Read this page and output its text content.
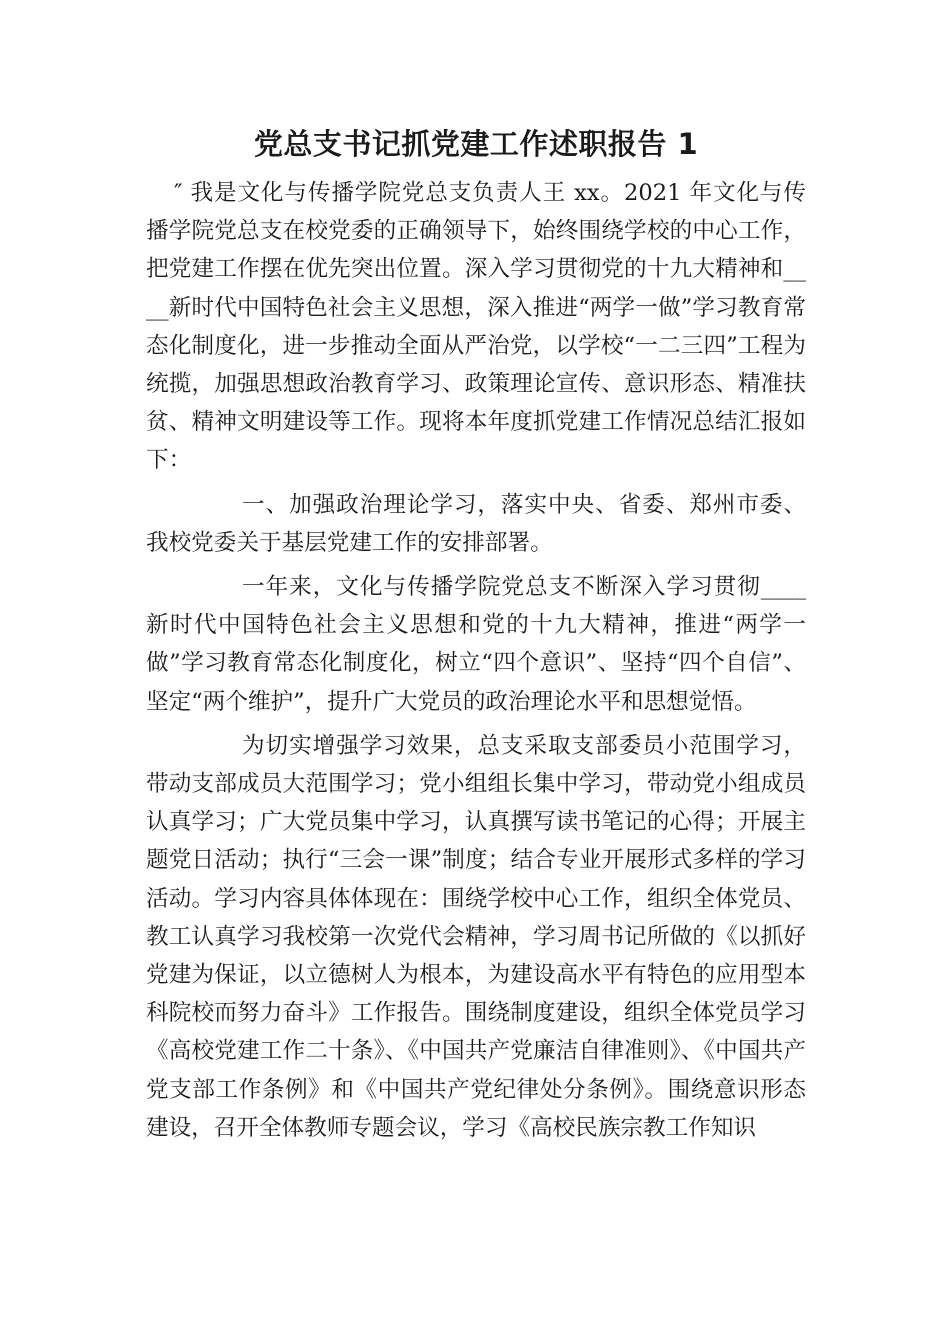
党总支书记抓党建工作述职报告 1

″ 我是文化与传播学院党总支负责人王 xx。2021 年文化与传播学院党总支在校党委的正确领导下，始终围绕学校的中心工作，把党建工作摆在优先突出位置。深入学习贯彻党的十九大精神和____新时代中国特色社会主义思想，深入推进“两学一做”学习教育常态化制度化，进一步推动全面从严治党，以学校“一二三四”工程为统揽，加强思想政治教育学习、政策理论宣传、意识形态、精准扶贫、精神文明建设等工作。现将本年度抓党建工作情况总结汇报如下：

一、加强政治理论学习，落实中央、省委、郑州市委、我校党委关于基层党建工作的安排部署。

一年来，文化与传播学院党总支不断深入学习贯彻____新时代中国特色社会主义思想和党的十九大精神，推进“两学一做”学习教育常态化制度化，树立“四个意识”、坚持“四个自信”、坚定“两个维护”，提升广大党员的政治理论水平和思想觉悟。

为切实增强学习效果，总支采取支部委员小范围学习，带动支部成员大范围学习；党小组组长集中学习，带动党小组成员认真学习；广大党员集中学习，认真撰写读书笔记的心得；开展主题党日活动；执行“三会一课”制度；结合专业开展形式多样的学习活动。学习内容具体体现在：围绕学校中心工作，组织全体党员、教工认真学习我校第一次党代会精神，学习周书记所做的《以抓好党建为保证，以立德树人为根本，为建设高水平有特色的应用型本科院校而努力奋斗》工作报告。围绕制度建设，组织全体党员学习《高校党建工作二十条》、《中国共产党廉洁自律准则》、《中国共产党支部工作条例》和《中国共产党纪律处分条例》。围绕意识形态建设，召开全体教师专题会议，学习《高校民族宗教工作知识
